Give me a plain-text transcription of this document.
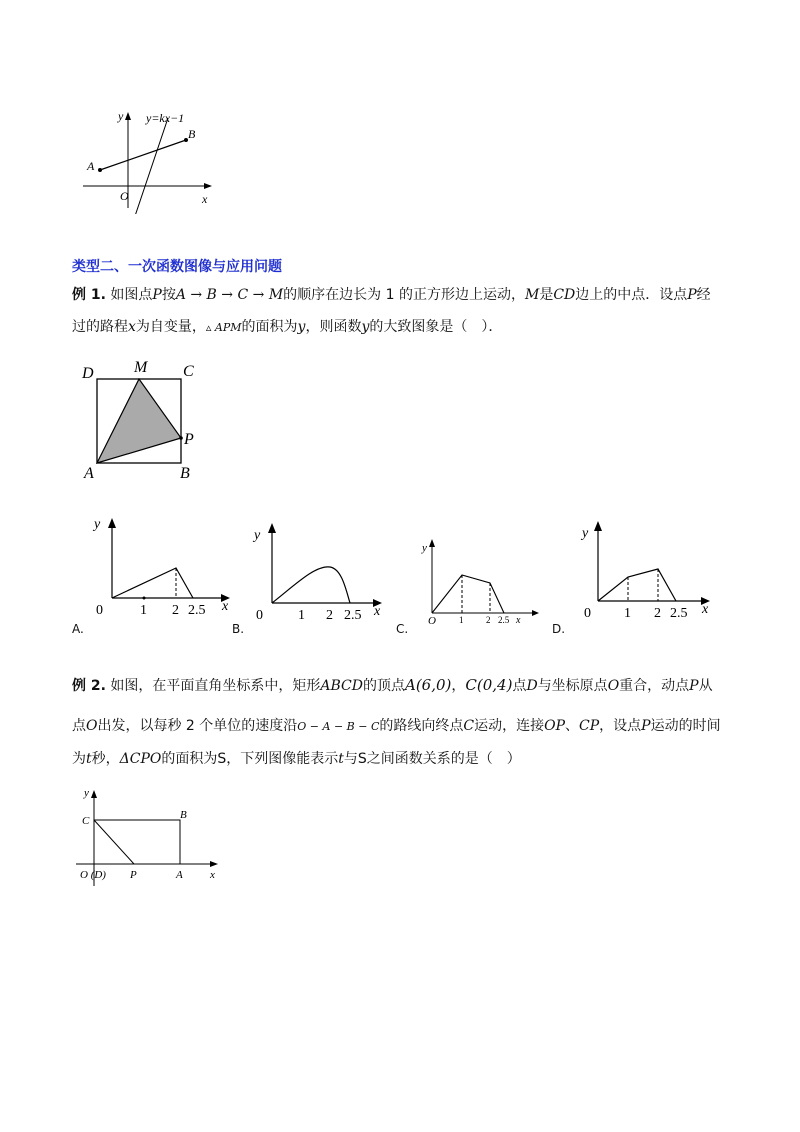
y y=kx−1
B
A
O	x
类型二、一次函数图像与应用问题
例 1. 如图点P按A → B → C → M的顺序在边长为 1 的正方形边上运动，M是CD边上的中点．设点P经
过的路程x为自变量，▵ APM的面积为y，则函数y的大致图象是（　）．
D	M C
P
A	B
y
0	1 2 2.5 x
A.
y
0	1 2 2.5 x
B.
y
O	1	2 2.5 x
C.
y
0 1 2 2.5 x
D.
例 2. 如图，在平面直角坐标系中，矩形ABCD的顶点A(6,0)，C(0,4)点D与坐标原点O重合，动点P从
点O出发，以每秒 2 个单位的速度沿O − A − B − C的路线向终点C运动，连接OP、CP，设点P运动的时间
为t秒，ΔCPO的面积为S，下列图像能表示t与S之间函数关系的是（　）
y
C	B
O (D) P	A x
